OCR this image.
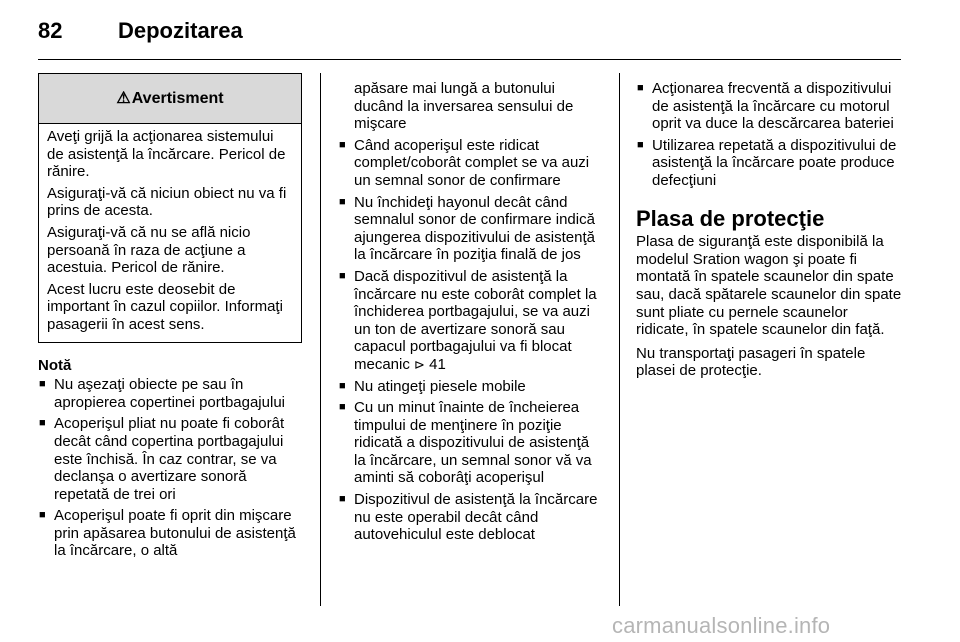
82	Depozitarea
⚠ Avertisment

Aveţi grijă la acţionarea sistemului de asistenţă la încărcare. Pericol de rănire.

Asiguraţi-vă că niciun obiect nu va fi prins de acesta.

Asiguraţi-vă că nu se află nicio persoană în raza de acţiune a acestuia. Pericol de rănire.

Acest lucru este deosebit de important în cazul copiilor. Informaţi pasagerii în acest sens.

Notă
■ Nu aşezaţi obiecte pe sau în apropierea copertinei portbagajului
■ Acoperişul pliat nu poate fi coborât decât când copertina portbagajului este închisă. În caz contrar, se va declanşa o avertizare sonoră repetată de trei ori
■ Acoperişul poate fi oprit din mişcare prin apăsarea butonului de asistenţă la încărcare, o altă
apăsare mai lungă a butonului ducând la inversarea sensului de mişcare
■ Când acoperişul este ridicat complet/coborât complet se va auzi un semnal sonor de confirmare
■ Nu închideţi hayonul decât când semnalul sonor de confirmare indică ajungerea dispozitivului de asistenţă la încărcare în poziţia finală de jos
■ Dacă dispozitivul de asistenţă la încărcare nu este coborât complet la închiderea portbagajului, se va auzi un ton de avertizare sonoră sau capacul portbagajului va fi blocat mecanic ⊳ 41
■ Nu atingeţi piesele mobile
■ Cu un minut înainte de încheierea timpului de menţinere în poziţie ridicată a dispozitivului de asistenţă la încărcare, un semnal sonor vă va aminti să coborâţi acoperişul
■ Dispozitivul de asistenţă la încărcare nu este operabil decât când autovehiculul este deblocat
■ Acţionarea frecventă a dispozitivului de asistenţă la încărcare cu motorul oprit va duce la descărcarea bateriei
■ Utilizarea repetată a dispozitivului de asistenţă la încărcare poate produce defecţiuni
Plasa de protecţie

Plasa de siguranţă este disponibilă la modelul Sration wagon şi poate fi montată în spatele scaunelor din spate sau, dacă spătarele scaunelor din spate sunt pliate cu pernele scaunelor ridicate, în spatele scaunelor din faţă.

Nu transportaţi pasageri în spatele plasei de protecţie.

carmanualsonline.info
